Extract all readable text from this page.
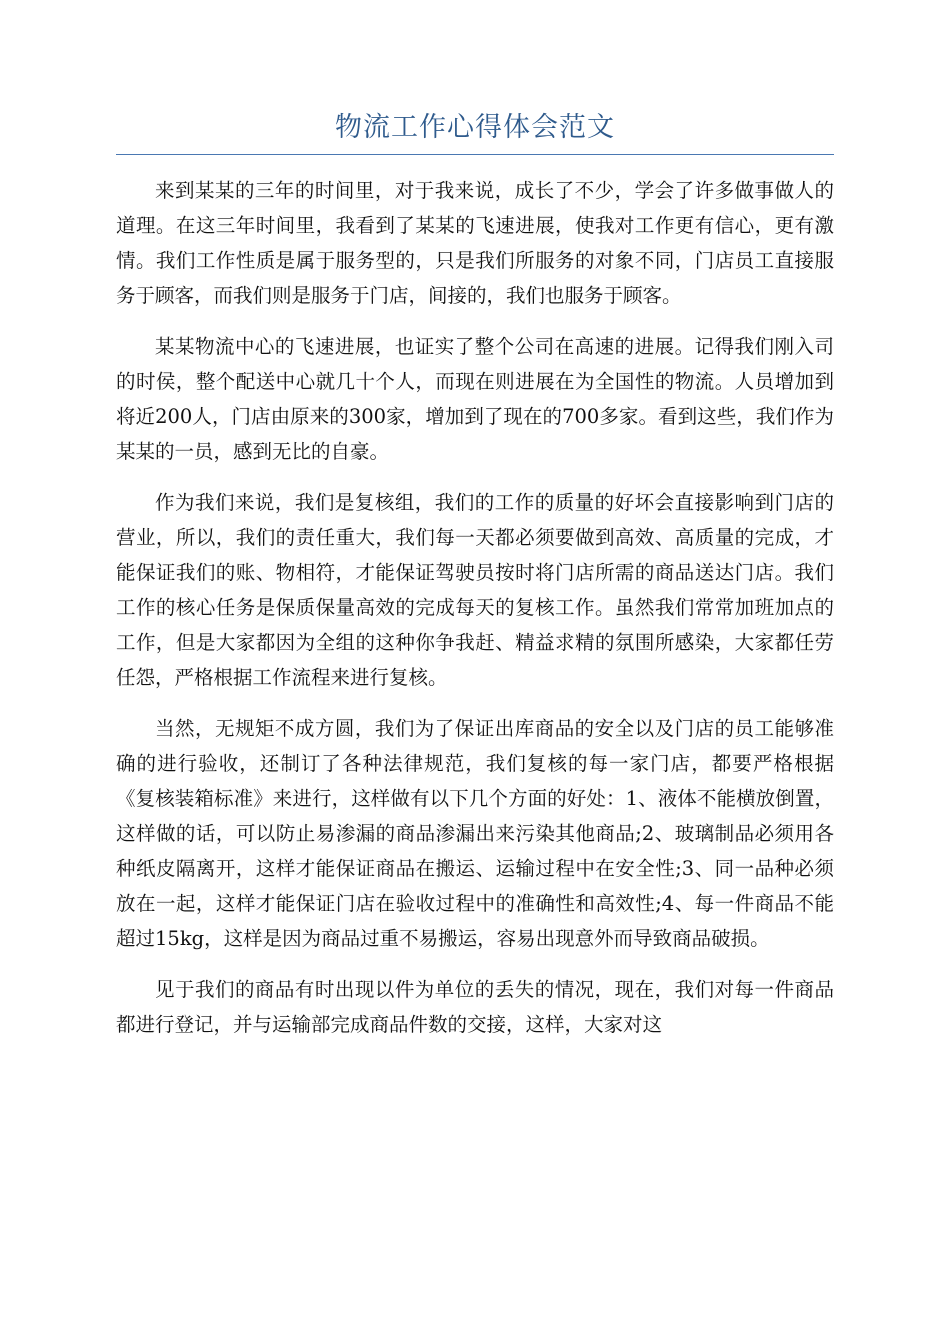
物流工作心得体会范文

来到某某的三年的时间里，对于我来说，成长了不少，学会了许多做事做人的道理。在这三年时间里，我看到了某某的飞速进展，使我对工作更有信心，更有激情。我们工作性质是属于服务型的，只是我们所服务的对象不同，门店员工直接服务于顾客，而我们则是服务于门店，间接的，我们也服务于顾客。

某某物流中心的飞速进展，也证实了整个公司在高速的进展。记得我们刚入司的时侯，整个配送中心就几十个人，而现在则进展在为全国性的物流。人员增加到将近200人，门店由原来的300家，增加到了现在的700多家。看到这些，我们作为某某的一员，感到无比的自豪。

作为我们来说，我们是复核组，我们的工作的质量的好坏会直接影响到门店的营业，所以，我们的责任重大，我们每一天都必须要做到高效、高质量的完成，才能保证我们的账、物相符，才能保证驾驶员按时将门店所需的商品送达门店。我们工作的核心任务是保质保量高效的完成每天的复核工作。虽然我们常常加班加点的工作，但是大家都因为全组的这种你争我赶、精益求精的氛围所感染，大家都任劳任怨，严格根据工作流程来进行复核。

当然，无规矩不成方圆，我们为了保证出库商品的安全以及门店的员工能够准确的进行验收，还制订了各种法律规范，我们复核的每一家门店，都要严格根据《复核装箱标准》来进行，这样做有以下几个方面的好处：1、液体不能横放倒置，这样做的话，可以防止易渗漏的商品渗漏出来污染其他商品;2、玻璃制品必须用各种纸皮隔离开，这样才能保证商品在搬运、运输过程中在安全性;3、同一品种必须放在一起，这样才能保证门店在验收过程中的准确性和高效性;4、每一件商品不能超过15kg，这样是因为商品过重不易搬运，容易出现意外而导致商品破损。

见于我们的商品有时出现以件为单位的丢失的情况，现在，我们对每一件商品都进行登记，并与运输部完成商品件数的交接，这样，大家对这
